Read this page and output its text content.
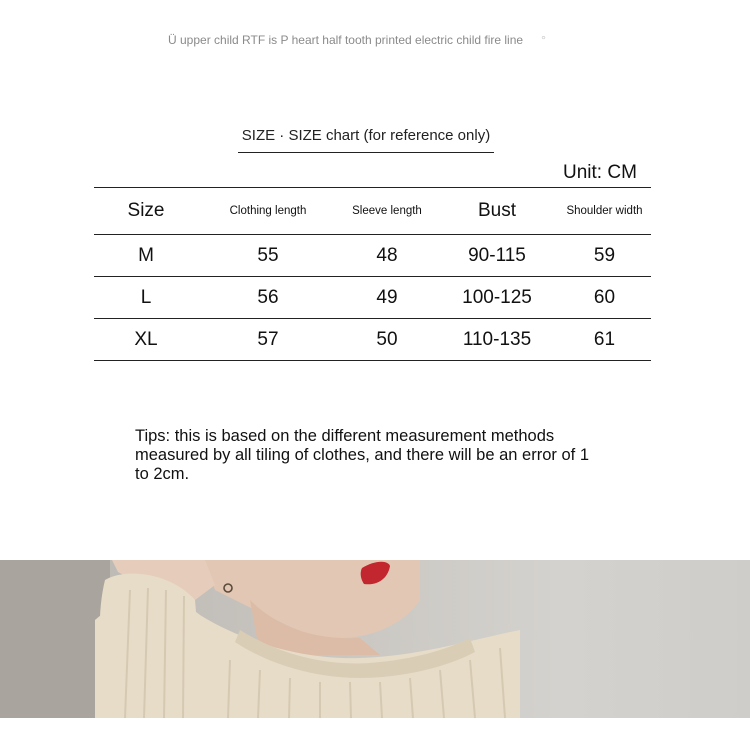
Ü upper child RTF is P heart half tooth printed electric child fire line °
SIZE · SIZE chart (for reference only)
Unit: CM
Size	Clothing length	Sleeve length	Bust	Shoulder width
M	55	48	90-115	59
L	56	49	100-125	60
XL	57	50	110-135	61
Tips: this is based on the different measurement methods measured by all tiling of clothes, and there will be an error of 1 to 2cm.
